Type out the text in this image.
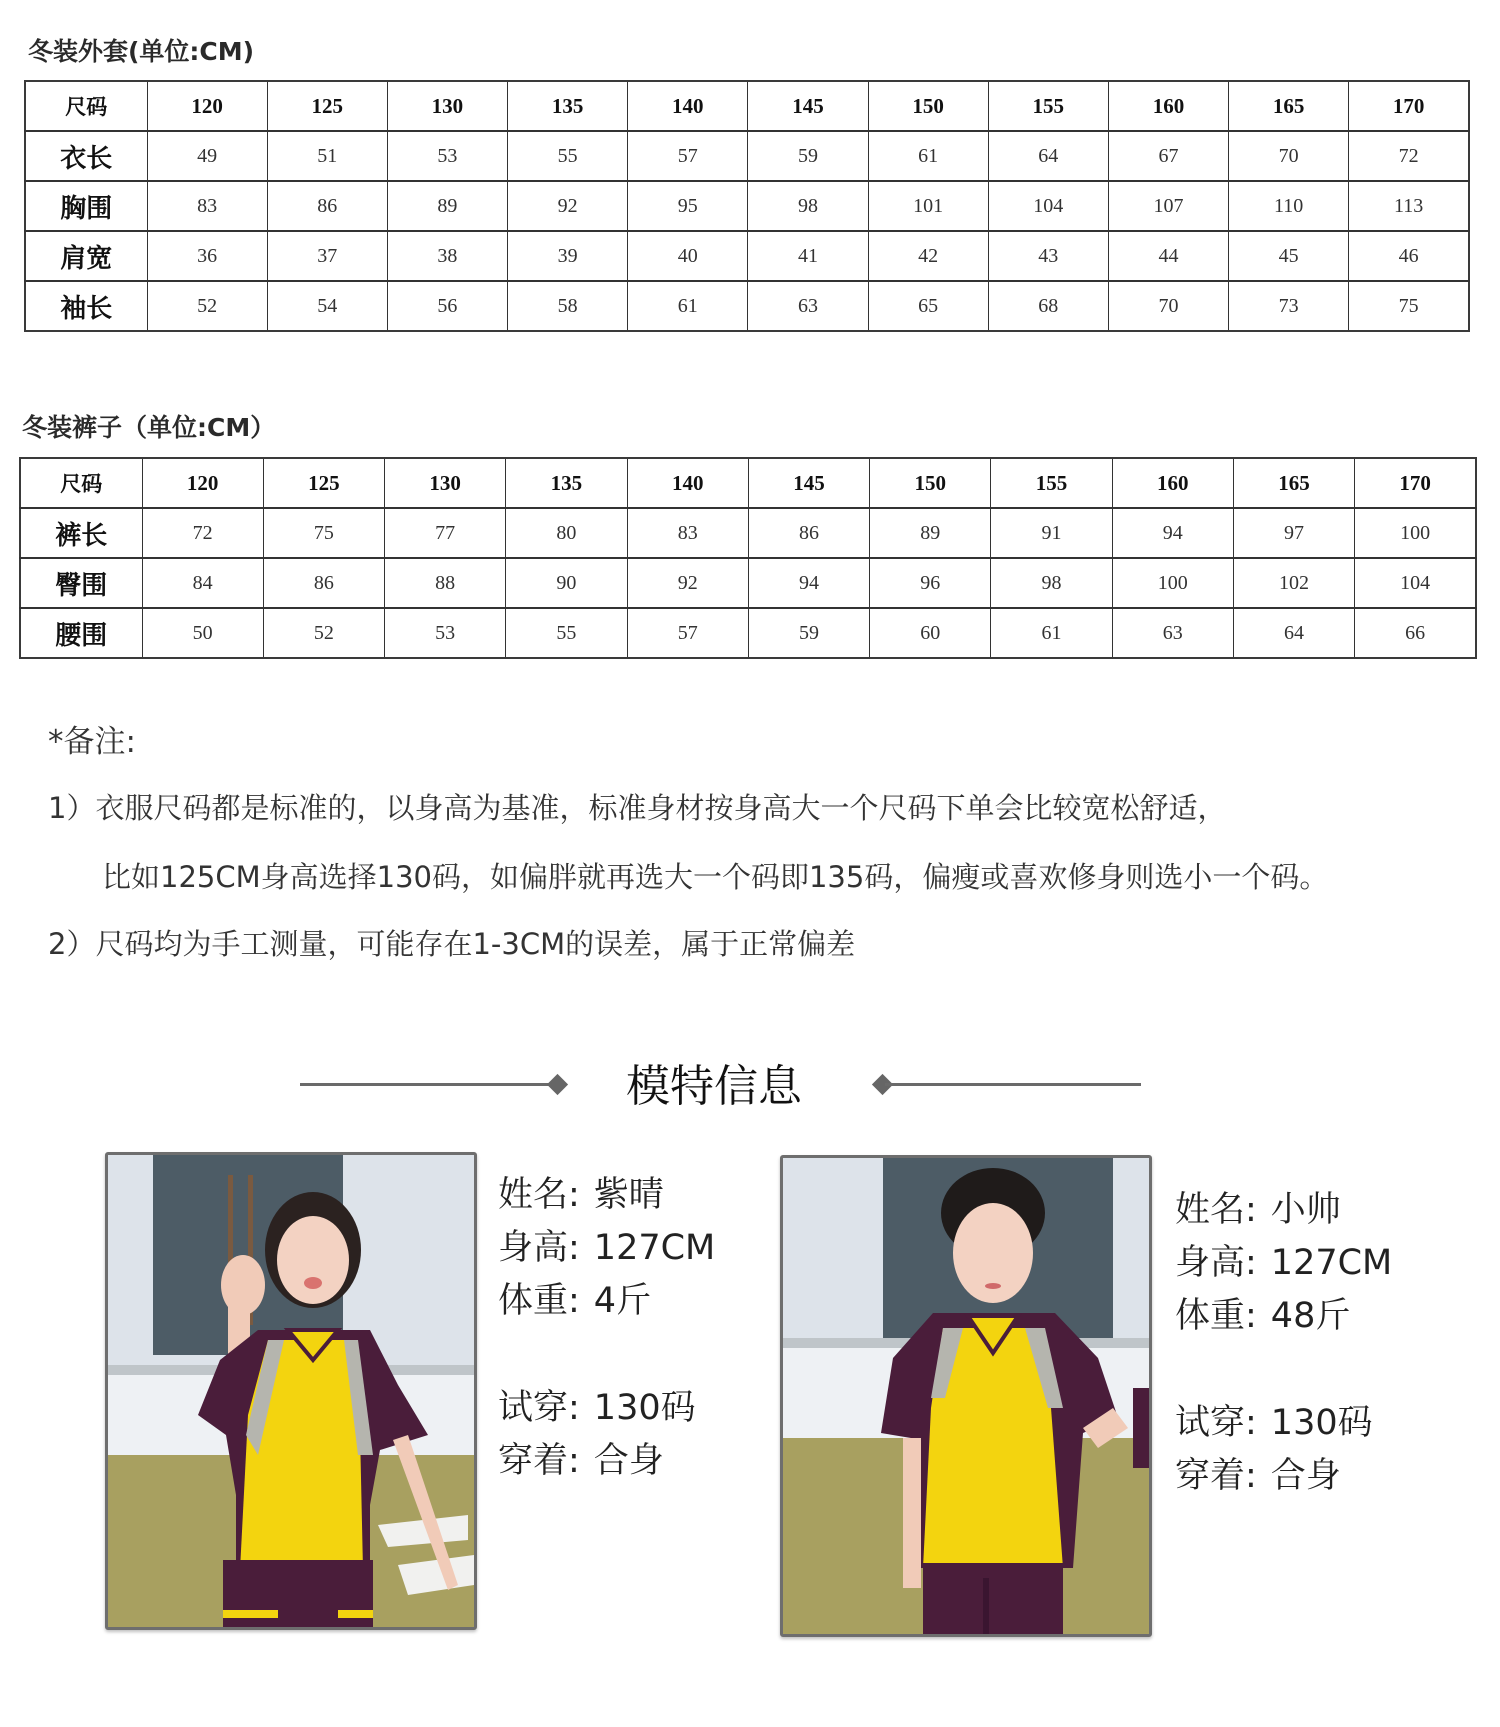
冬装外套(单位:CM)
尺码	120	125	130	135	140	145	150	155	160	165	170
衣长	49	51	53	55	57	59	61	64	67	70	72
胸围	83	86	89	92	95	98	101	104	107	110	113
肩宽	36	37	38	39	40	41	42	43	44	45	46
袖长	52	54	56	58	61	63	65	68	70	73	75
冬装裤子（单位:CM）
尺码	120	125	130	135	140	145	150	155	160	165	170
裤长	72	75	77	80	83	86	89	91	94	97	100
臀围	84	86	88	90	92	94	96	98	100	102	104
腰围	50	52	53	55	57	59	60	61	63	64	66
*备注:
1）衣服尺码都是标准的，以身高为基准，标准身材按身高大一个尺码下单会比较宽松舒适，
比如125CM身高选择130码，如偏胖就再选大一个码即135码，偏瘦或喜欢修身则选小一个码。
2）尺码均为手工测量，可能存在1-3CM的误差，属于正常偏差
模特信息
姓名: 紫晴
身高: 127CM
体重: 4斤
试穿: 130码
穿着: 合身
姓名: 小帅
身高: 127CM
体重: 48斤
试穿: 130码
穿着: 合身
